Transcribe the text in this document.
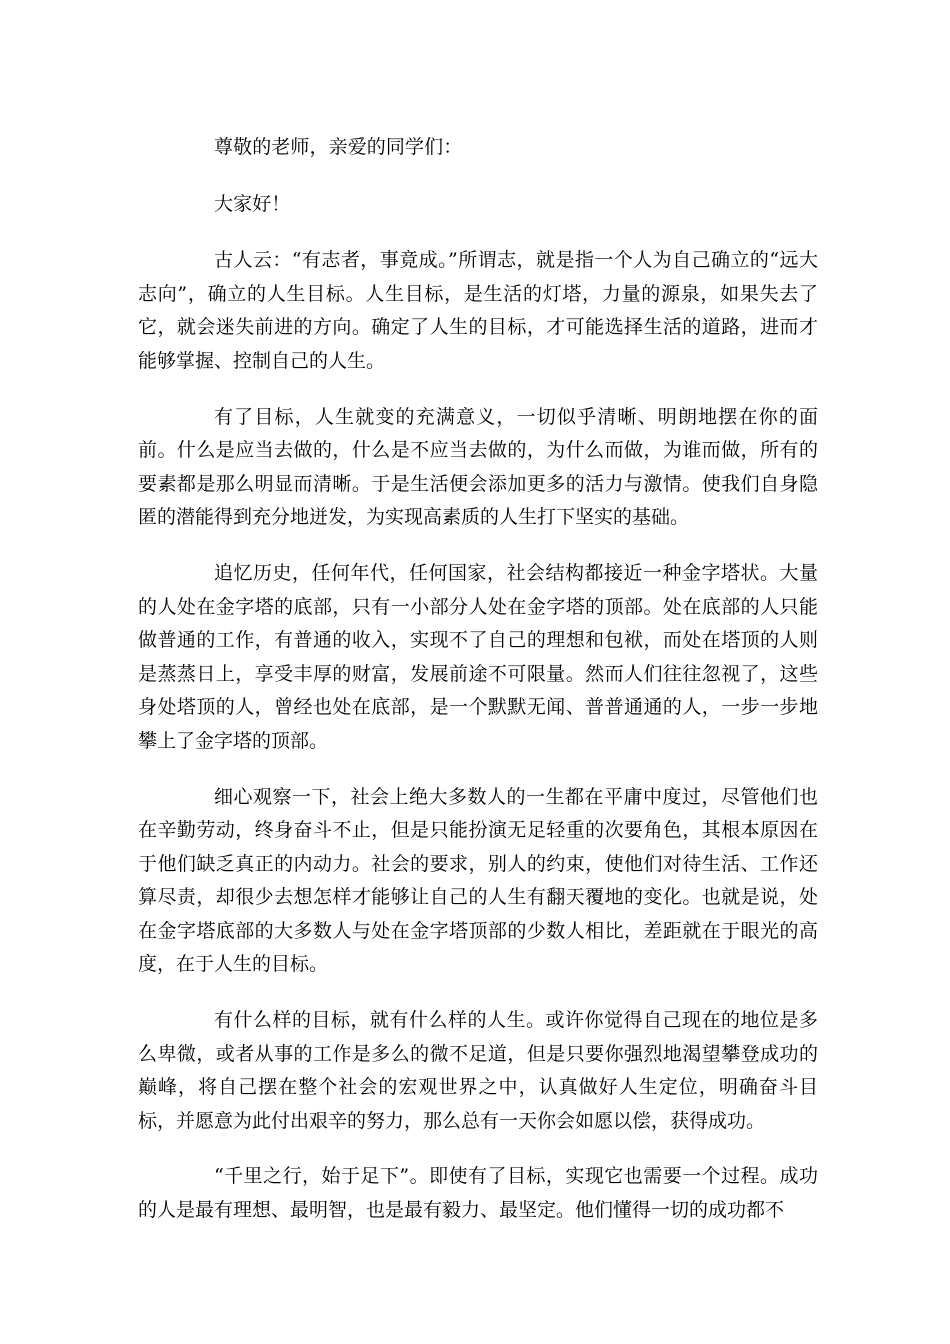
尊敬的老师，亲爱的同学们：

大家好！

古人云：“有志者，事竟成。”所谓志，就是指一个人为自己确立的“远大志向”，确立的人生目标。人生目标，是生活的灯塔，力量的源泉，如果失去了它，就会迷失前进的方向。确定了人生的目标，才可能选择生活的道路，进而才能够掌握、控制自己的人生。

有了目标，人生就变的充满意义，一切似乎清晰、明朗地摆在你的面前。什么是应当去做的，什么是不应当去做的，为什么而做，为谁而做，所有的要素都是那么明显而清晰。于是生活便会添加更多的活力与激情。使我们自身隐匿的潜能得到充分地迸发，为实现高素质的人生打下坚实的基础。

追忆历史，任何年代，任何国家，社会结构都接近一种金字塔状。大量的人处在金字塔的底部，只有一小部分人处在金字塔的顶部。处在底部的人只能做普通的工作，有普通的收入，实现不了自己的理想和包袱，而处在塔顶的人则是蒸蒸日上，享受丰厚的财富，发展前途不可限量。然而人们往往忽视了，这些身处塔顶的人，曾经也处在底部，是一个默默无闻、普普通通的人，一步一步地攀上了金字塔的顶部。

细心观察一下，社会上绝大多数人的一生都在平庸中度过，尽管他们也在辛勤劳动，终身奋斗不止，但是只能扮演无足轻重的次要角色，其根本原因在于他们缺乏真正的内动力。社会的要求，别人的约束，使他们对待生活、工作还算尽责，却很少去想怎样才能够让自己的人生有翻天覆地的变化。也就是说，处在金字塔底部的大多数人与处在金字塔顶部的少数人相比，差距就在于眼光的高度，在于人生的目标。

有什么样的目标，就有什么样的人生。或许你觉得自己现在的地位是多么卑微，或者从事的工作是多么的微不足道，但是只要你强烈地渴望攀登成功的巅峰，将自己摆在整个社会的宏观世界之中，认真做好人生定位，明确奋斗目标，并愿意为此付出艰辛的努力，那么总有一天你会如愿以偿，获得成功。

“千里之行，始于足下”。即使有了目标，实现它也需要一个过程。成功的人是最有理想、最明智，也是最有毅力、最坚定。他们懂得一切的成功都不
